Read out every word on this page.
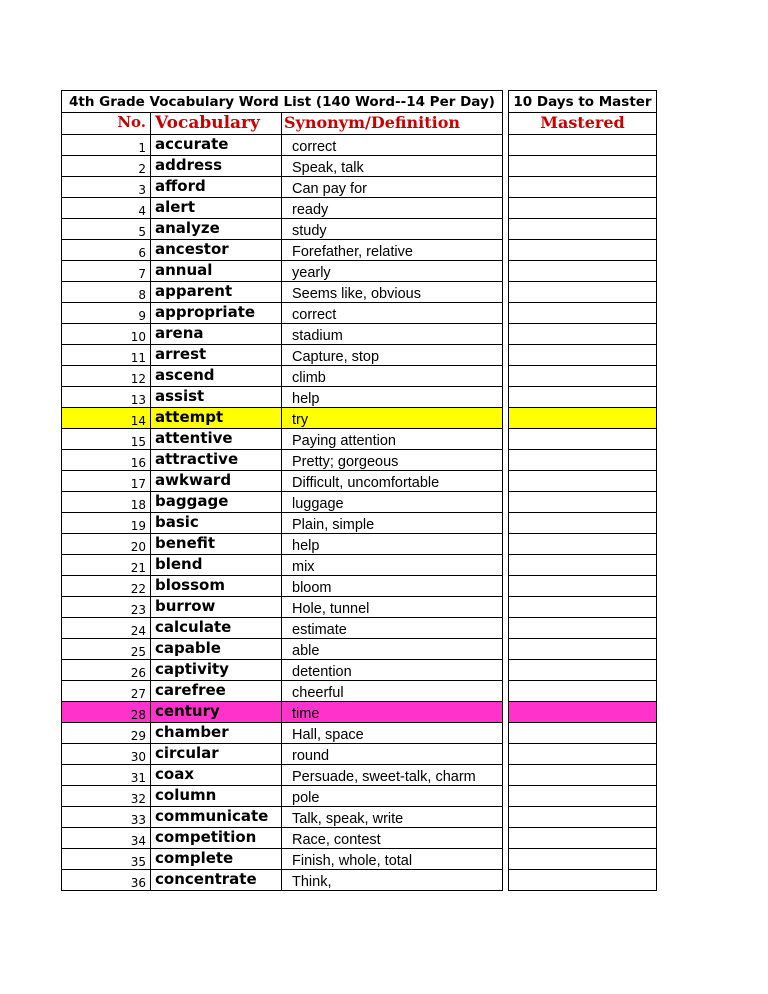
4th Grade Vocabulary Word List (140 Word--14 Per Day)				10 Days to Master
No.	Vocabulary	Synonym/Definition		Mastered
1	accurate	correct		
2	address	Speak, talk		
3	afford	Can pay for		
4	alert	ready		
5	analyze	study		
6	ancestor	Forefather, relative		
7	annual	yearly		
8	apparent	Seems like, obvious		
9	appropriate	correct		
10	arena	stadium		
11	arrest	Capture, stop		
12	ascend	climb		
13	assist	help		
14	attempt	try		
15	attentive	Paying attention		
16	attractive	Pretty; gorgeous		
17	awkward	Difficult, uncomfortable		
18	baggage	luggage		
19	basic	Plain, simple		
20	benefit	help		
21	blend	mix		
22	blossom	bloom		
23	burrow	Hole, tunnel		
24	calculate	estimate		
25	capable	able		
26	captivity	detention		
27	carefree	cheerful		
28	century	time		
29	chamber	Hall, space		
30	circular	round		
31	coax	Persuade, sweet-talk, charm		
32	column	pole		
33	communicate	Talk, speak, write		
34	competition	Race, contest		
35	complete	Finish, whole, total		
36	concentrate	Think,		
